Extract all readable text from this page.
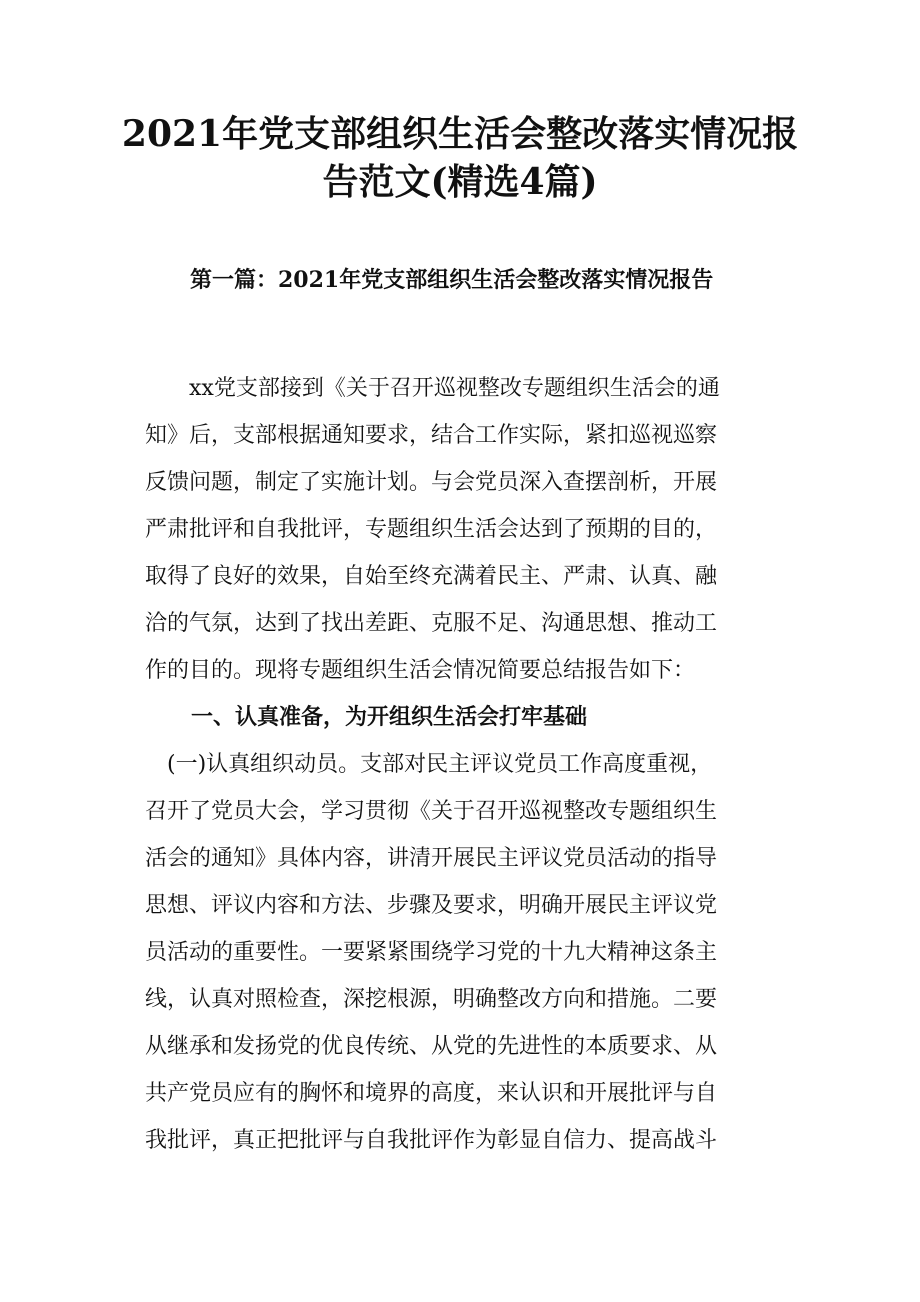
2021年党支部组织生活会整改落实情况报
告范文(精选4篇)
第一篇：2021年党支部组织生活会整改落实情况报告
xx党支部接到《关于召开巡视整改专题组织生活会的通
知》后，支部根据通知要求，结合工作实际，紧扣巡视巡察
反馈问题，制定了实施计划。与会党员深入查摆剖析，开展
严肃批评和自我批评，专题组织生活会达到了预期的目的，
取得了良好的效果，自始至终充满着民主、严肃、认真、融
洽的气氛，达到了找出差距、克服不足、沟通思想、推动工
作的目的。现将专题组织生活会情况简要总结报告如下：
一、认真准备，为开组织生活会打牢基础
(一)认真组织动员。支部对民主评议党员工作高度重视，
召开了党员大会，学习贯彻《关于召开巡视整改专题组织生
活会的通知》具体内容，讲清开展民主评议党员活动的指导
思想、评议内容和方法、步骤及要求，明确开展民主评议党
员活动的重要性。一要紧紧围绕学习党的十九大精神这条主
线，认真对照检查，深挖根源，明确整改方向和措施。二要
从继承和发扬党的优良传统、从党的先进性的本质要求、从
共产党员应有的胸怀和境界的高度，来认识和开展批评与自
我批评，真正把批评与自我批评作为彰显自信力、提高战斗
